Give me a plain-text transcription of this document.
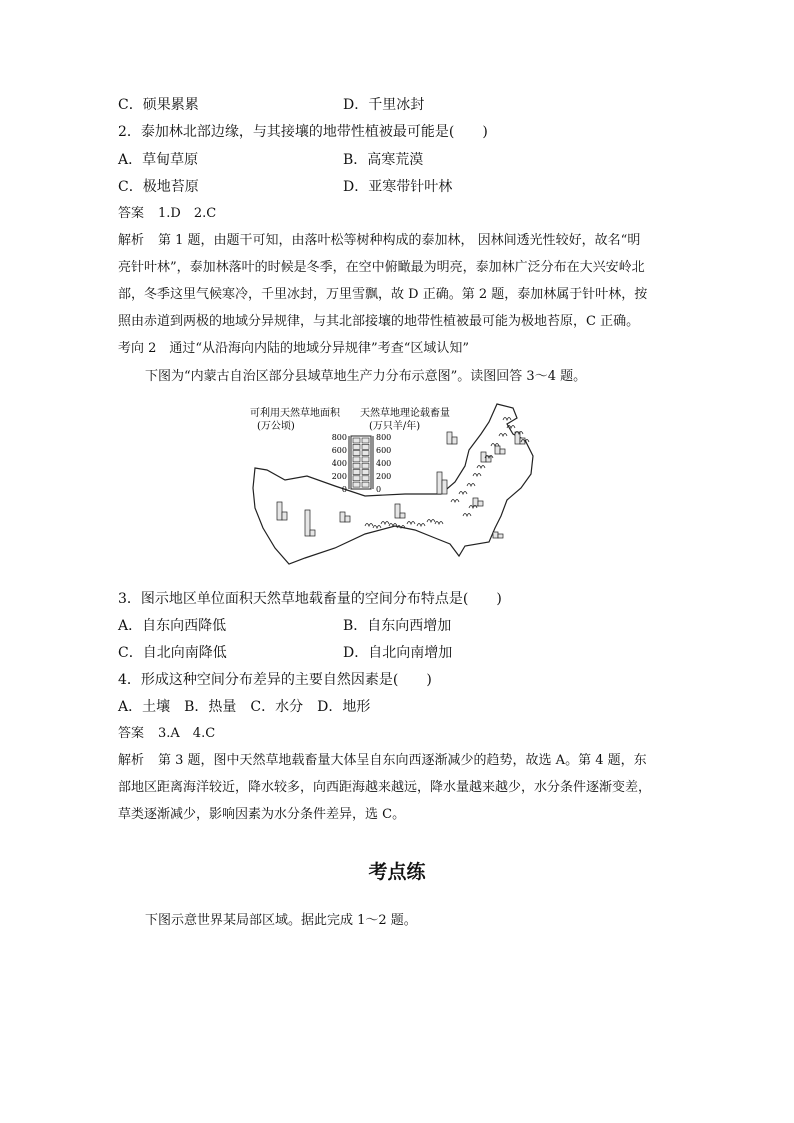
C．硕果累累	D．千里冰封
2．泰加林北部边缘，与其接壤的地带性植被最可能是(　　)
A．草甸草原	B．高寒荒漠
C．极地苔原	D．亚寒带针叶林
答案 1.D　2.C
解析 第 1 题，由题干可知，由落叶松等树种构成的泰加林， 因林间透光性较好，故名“明
亮针叶林”，泰加林落叶的时候是冬季，在空中俯瞰最为明亮，泰加林广泛分布在大兴安岭北
部，冬季这里气候寒冷，千里冰封，万里雪飘，故 D 正确。第 2 题，泰加林属于针叶林，按
照由赤道到两极的地域分异规律，与其北部接壤的地带性植被最可能为极地苔原，C 正确。
考向 2　通过“从沿海向内陆的地域分异规律”考查“区域认知”
下图为“内蒙古自治区部分县域草地生产力分布示意图”。读图回答 3～4 题。
可利用天然草地面积
(万公顷)
天然草地理论载畜量
(万只羊/年)
800
600
400
200
0
800
600
400
200
0
3．图示地区单位面积天然草地载畜量的空间分布特点是(　　)
A．自东向西降低	B．自东向西增加
C．自北向南降低	D．自北向南增加
4．形成这种空间分布差异的主要自然因素是(　　)
A．土壤　B．热量　C．水分　D．地形
答案 3.A　4.C
解析 第 3 题，图中天然草地载畜量大体呈自东向西逐渐减少的趋势，故选 A。第 4 题，东
部地区距离海洋较近，降水较多，向西距海越来越远，降水量越来越少，水分条件逐渐变差，
草类逐渐减少，影响因素为水分条件差异，选 C。
考点练
下图示意世界某局部区域。据此完成 1～2 题。
